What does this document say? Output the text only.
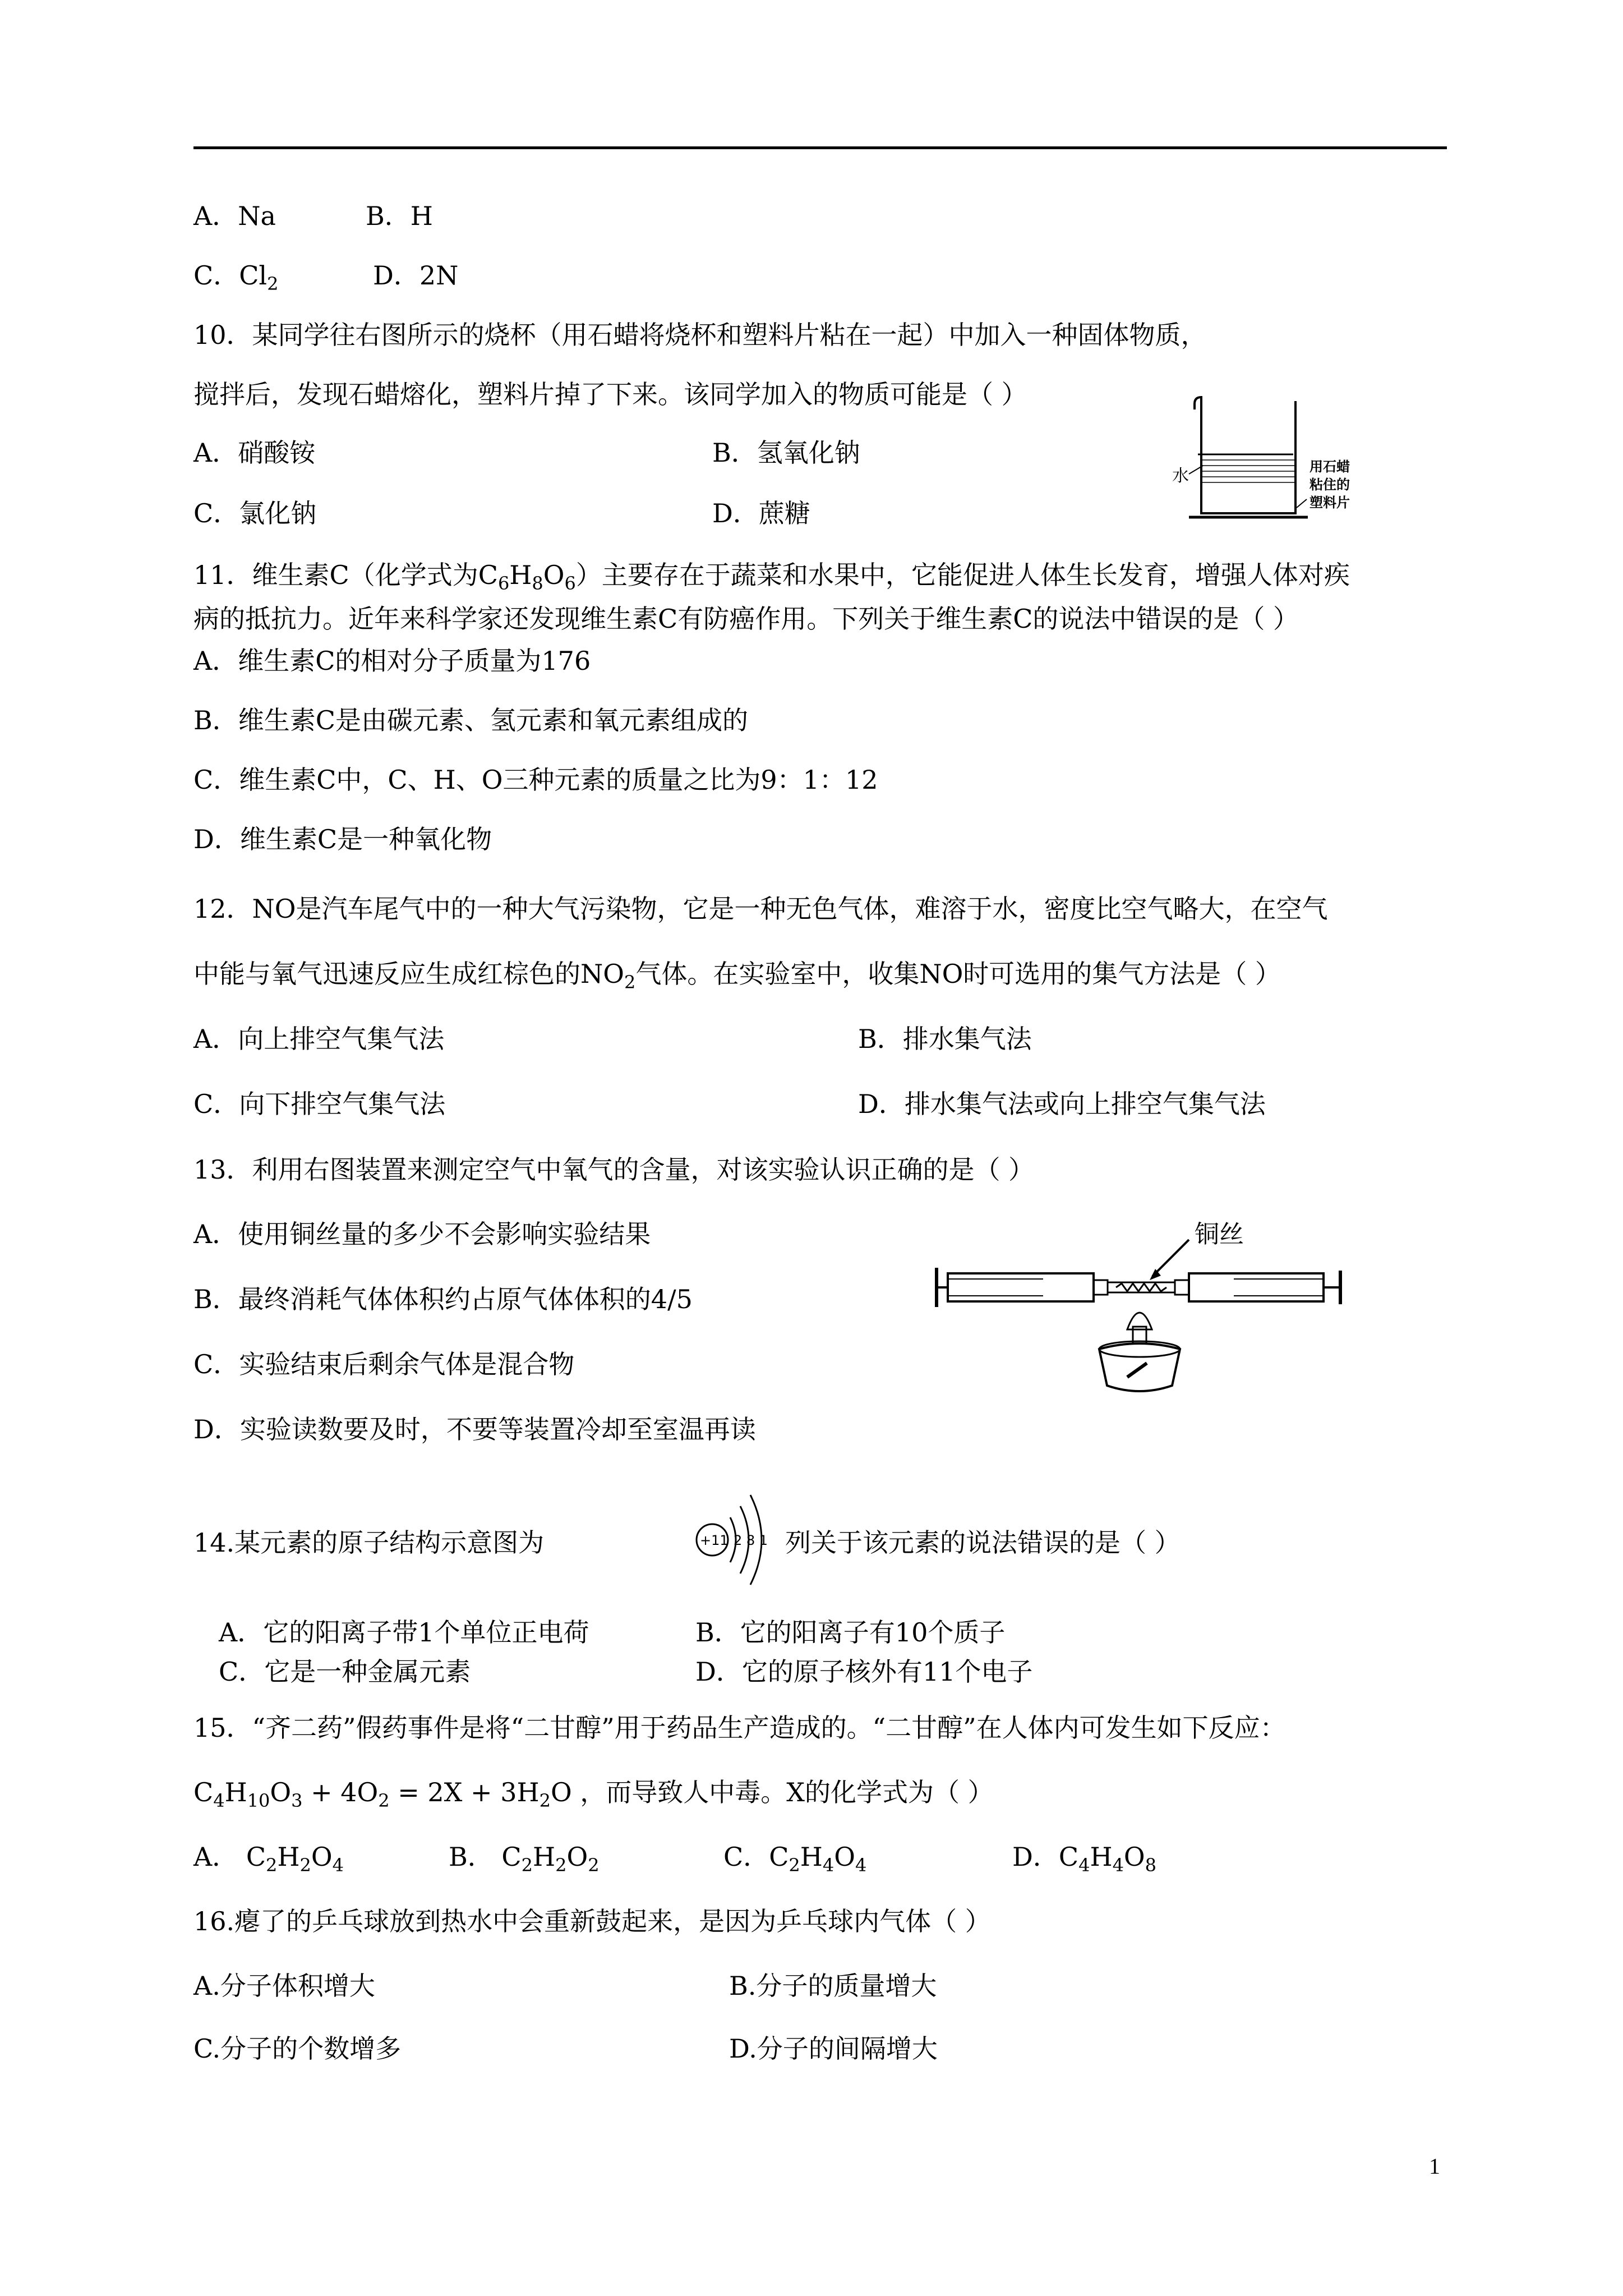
A．Na	B．H
C．$Cl_2$	D．2N
10．某同学往右图所示的烧杯（用石蜡将烧杯和塑料片粘在一起）中加入一种固体物质，
搅拌后，发现石蜡熔化，塑料片掉了下来。该同学加入的物质可能是（ ）
A．硝酸铵	B．氢氧化钠
C．氯化钠	D．蔗糖
水	用石蜡
粘住的
塑料片
11．维生素C（化学式为$C_6H_8O_6$）主要存在于蔬菜和水果中，它能促进人体生长发育，增强人体对疾
病的抵抗力。近年来科学家还发现维生素C有防癌作用。下列关于维生素C的说法中错误的是（ ）
A．维生素C的相对分子质量为176
B．维生素C是由碳元素、氢元素和氧元素组成的
C．维生素C中，C、H、O三种元素的质量之比为9：1：12
D．维生素C是一种氧化物
12．NO是汽车尾气中的一种大气污染物，它是一种无色气体，难溶于水，密度比空气略大，在空气
中能与氧气迅速反应生成红棕色的$NO_2$气体。在实验室中，收集NO时可选用的集气方法是（ ）
A．向上排空气集气法	B．排水集气法
C．向下排空气集气法	D．排水集气法或向上排空气集气法
13．利用右图装置来测定空气中氧气的含量，对该实验认识正确的是（ ）
A．使用铜丝量的多少不会影响实验结果
B．最终消耗气体体积约占原气体体积的4/5
C．实验结束后剩余气体是混合物
D．实验读数要及时，不要等装置冷却至室温再读
铜丝
14.某元素的原子结构示意图为	+11 2 8 1 列关于该元素的说法错误的是（ ）
A．它的阳离子带1个单位正电荷	B．它的阳离子有10个质子
C．它是一种金属元素	D．它的原子核外有11个电子
15．“齐二药”假药事件是将“二甘醇”用于药品生产造成的。“二甘醇”在人体内可发生如下反应：
$C_4H_{10}O_3 + 4O_2 = 2X + 3H_2O$ ，而导致人中毒。X的化学式为（ ）
A． $C_2H_2O_4$	B． $C_2H_2O_2$	C．$C_2H_4O_4$	D．$C_4H_4O_8$
16.瘪了的乒乓球放到热水中会重新鼓起来，是因为乒乓球内气体（ ）
A.分子体积增大	B.分子的质量增大
C.分子的个数增多	D.分子的间隔增大
1
